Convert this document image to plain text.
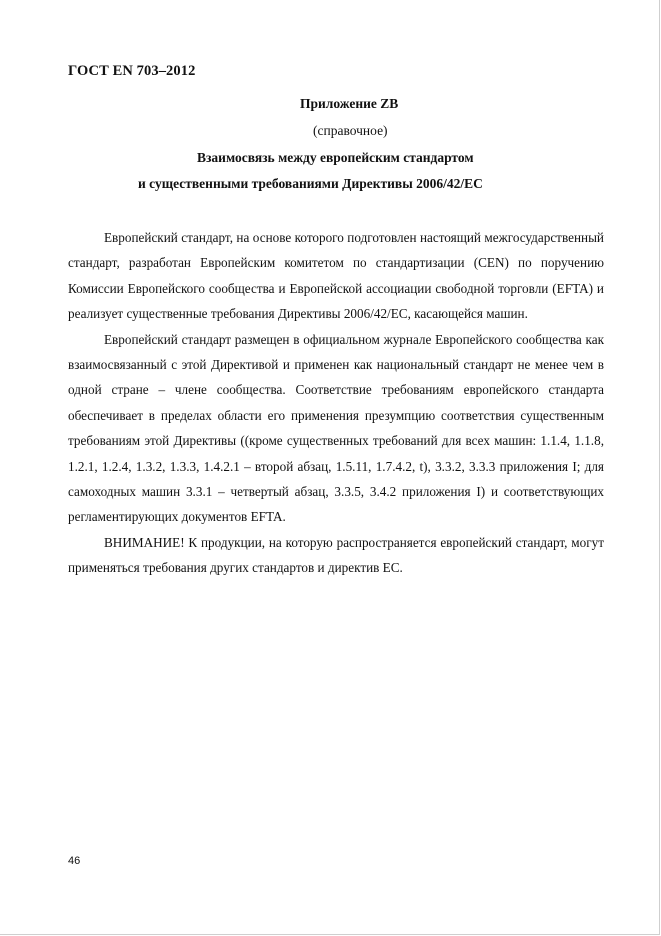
ГОСТ EN 703–2012
Приложение ZB
(справочное)
Взаимосвязь между европейским стандартом
и существенными требованиями Директивы 2006/42/EC

Европейский стандарт, на основе которого подготовлен настоящий межгосударственный стандарт, разработан Европейским комитетом по стандартизации (CEN) по поручению Комиссии Европейского сообщества и Европейской ассоциации свободной торговли (EFTA) и реализует существенные требования Директивы 2006/42/EC, касающейся машин.

Европейский стандарт размещен в официальном журнале Европейского сообщества как взаимосвязанный с этой Директивой и применен как национальный стандарт не менее чем в одной стране – члене сообщества. Соответствие требованиям европейского стандарта обеспечивает в пределах области его применения презумпцию соответствия существенным требованиям этой Директивы ((кроме существенных требований для всех машин: 1.1.4, 1.1.8, 1.2.1, 1.2.4, 1.3.2, 1.3.3, 1.4.2.1 – второй абзац, 1.5.11, 1.7.4.2, t), 3.3.2, 3.3.3 приложения I; для самоходных машин 3.3.1 – четвертый абзац, 3.3.5, 3.4.2 приложения I) и соответствующих регламентирующих документов EFTA.

ВНИМАНИЕ! К продукции, на которую распространяется европейский стандарт, могут применяться требования других стандартов и директив ЕС.

46
